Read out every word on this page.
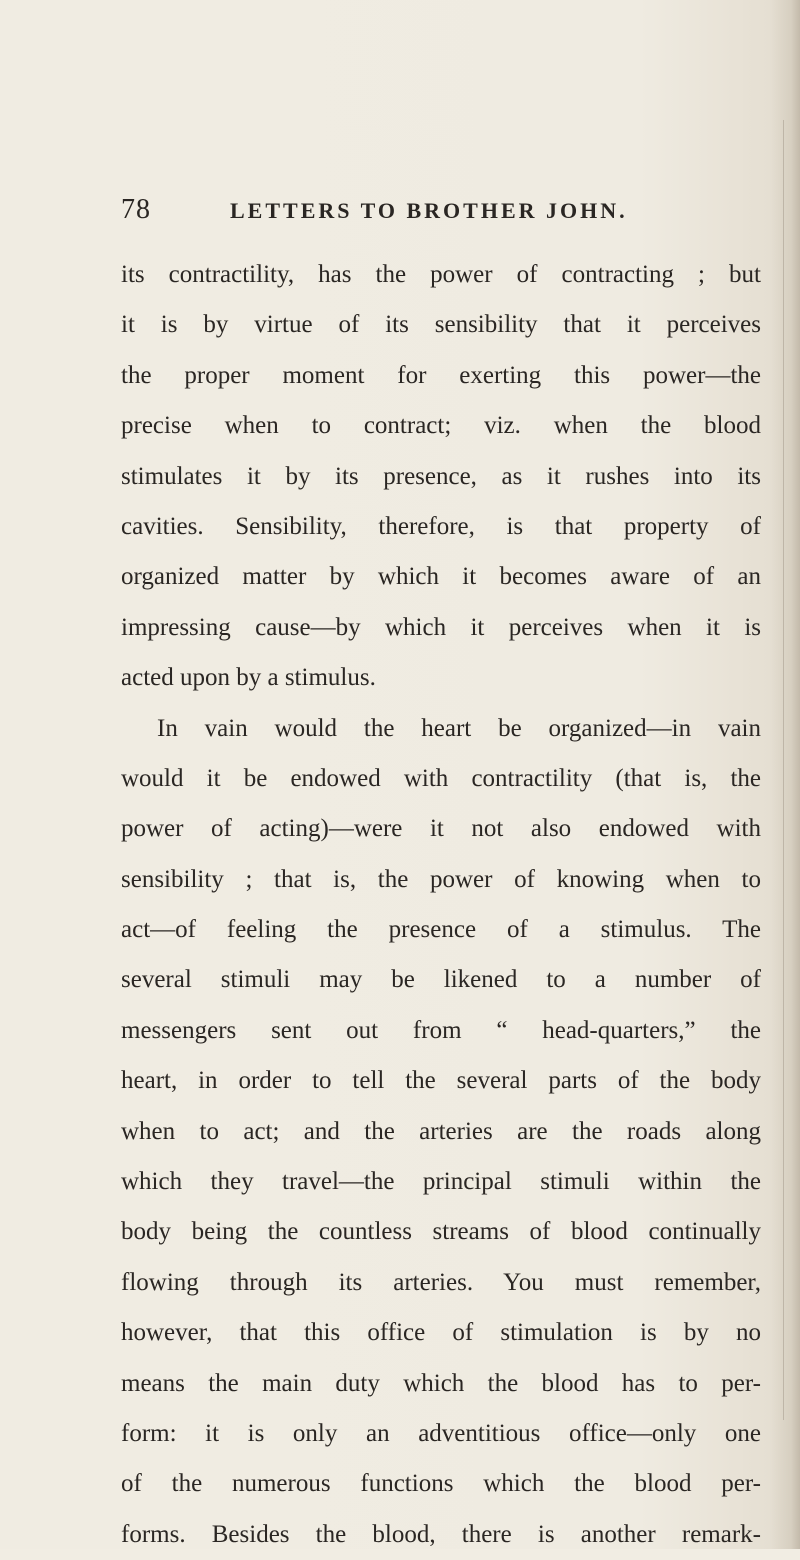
78	LETTERS TO BROTHER JOHN.
its contractility, has the power of contracting ; but
it is by virtue of its sensibility that it perceives
the proper moment for exerting this power—the
precise when to contract; viz. when the blood
stimulates it by its presence, as it rushes into its
cavities. Sensibility, therefore, is that property of
organized matter by which it becomes aware of an
impressing cause—by which it perceives when it is
acted upon by a stimulus.
In vain would the heart be organized—in vain
would it be endowed with contractility (that is, the
power of acting)—were it not also endowed with
sensibility ; that is, the power of knowing when to
act—of feeling the presence of a stimulus. The
several stimuli may be likened to a number of
messengers sent out from “ head-quarters,” the
heart, in order to tell the several parts of the body
when to act; and the arteries are the roads along
which they travel—the principal stimuli within the
body being the countless streams of blood continually
flowing through its arteries. You must remember,
however, that this office of stimulation is by no
means the main duty which the blood has to per-
form: it is only an adventitious office—only one
of the numerous functions which the blood per-
forms. Besides the blood, there is another remark-
